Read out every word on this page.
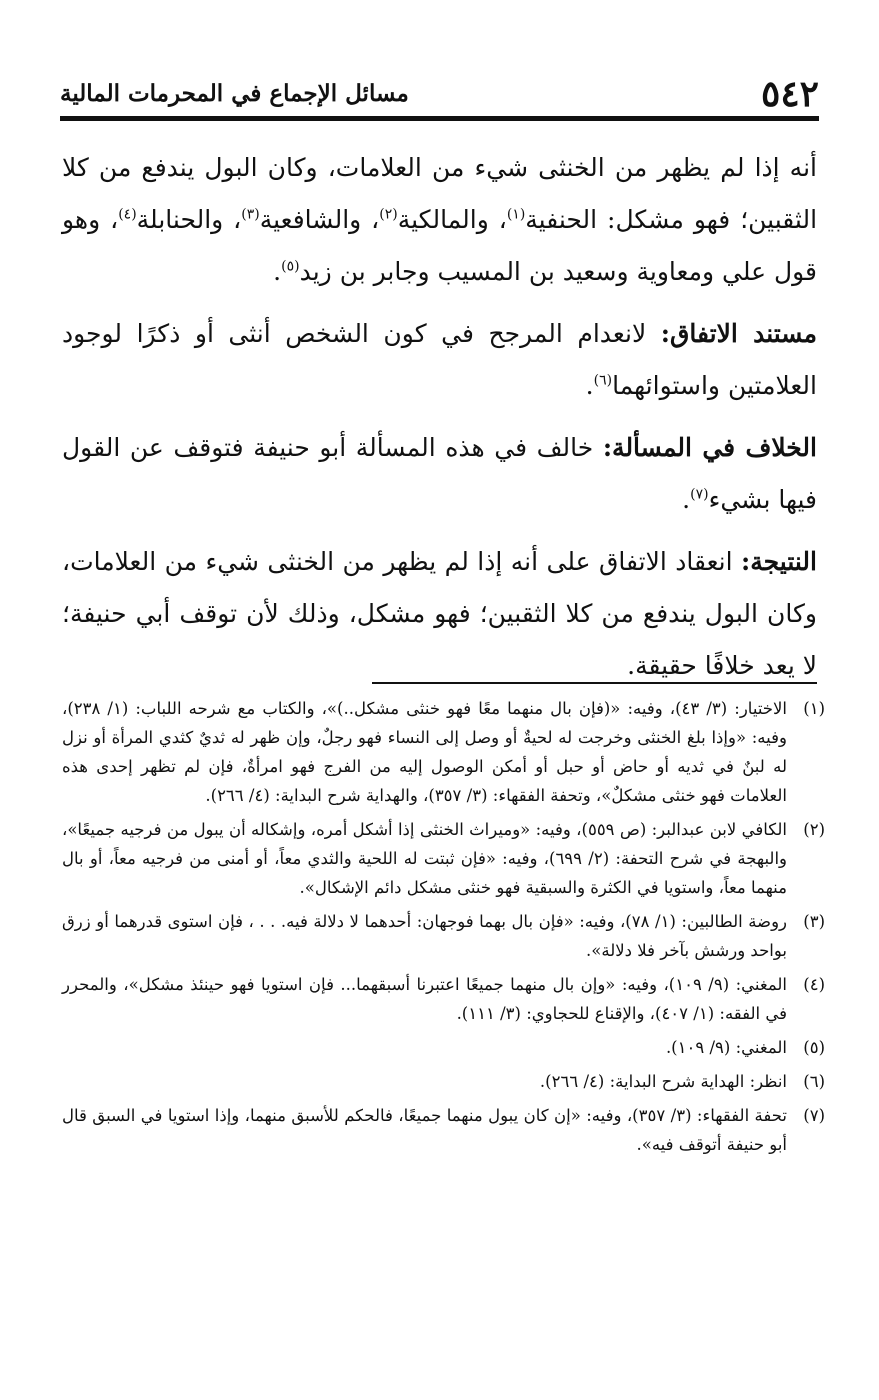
٥٤٢
مسائل الإجماع في المحرمات المالية

أنه إذا لم يظهر من الخنثى شيء من العلامات، وكان البول يندفع من كلا الثقبين؛ فهو مشكل: الحنفية$^{(١)}$، والمالكية$^{(٢)}$، والشافعية$^{(٣)}$، والحنابلة$^{(٤)}$، وهو قول علي ومعاوية وسعيد بن المسيب وجابر بن زيد$^{(٥)}$.

مستند الاتفاق: لانعدام المرجح في كون الشخص أنثى أو ذكرًا لوجود العلامتين واستوائهما$^{(٦)}$.

الخلاف في المسألة: خالف في هذه المسألة أبو حنيفة فتوقف عن القول فيها بشيء$^{(٧)}$.

النتيجة: انعقاد الاتفاق على أنه إذا لم يظهر من الخنثى شيء من العلامات، وكان البول يندفع من كلا الثقبين؛ فهو مشكل، وذلك لأن توقف أبي حنيفة؛ لا يعد خلافًا حقيقة.

(١)
الاختيار: (٣/ ٤٣)، وفيه: «(فإن بال منهما معًا فهو خنثى مشكل..)»، والكتاب مع شرحه اللباب: (١/ ٢٣٨)، وفيه: «وإذا بلغ الخنثى وخرجت له لحيةٌ أو وصل إلى النساء فهو رجلٌ، وإن ظهر له ثديٌ كثدي المرأة أو نزل له لبنٌ في ثديه أو حاض أو حبل أو أمكن الوصول إليه من الفرج فهو امرأةٌ، فإن لم تظهر إحدى هذه العلامات فهو خنثى مشكلٌ»، وتحفة الفقهاء: (٣/ ٣٥٧)، والهداية شرح البداية: (٤/ ٢٦٦).
(٢)
الكافي لابن عبدالبر: (ص ٥٥٩)، وفيه: «وميراث الخنثى إذا أشكل أمره، وإشكاله أن يبول من فرجيه جميعًا»، والبهجة في شرح التحفة: (٢/ ٦٩٩)، وفيه: «فإن ثبتت له اللحية والثدي معاً، أو أمنى من فرجيه معاً، أو بال منهما معاً، واستويا في الكثرة والسبقية فهو خنثى مشكل دائم الإشكال».
(٣)
روضة الطالبين: (١/ ٧٨)، وفيه: «فإن بال بهما فوجهان: أحدهما لا دلالة فيه. . . ، فإن استوى قدرهما أو زرق بواحد ورشش بآخر فلا دلالة».
(٤)
المغني: (٩/ ١٠٩)، وفيه: «وإن بال منهما جميعًا اعتبرنا أسبقهما... فإن استويا فهو حينئذ مشكل»، والمحرر في الفقه: (١/ ٤٠٧)، والإقناع للحجاوي: (٣/ ١١١).
(٥)
المغني: (٩/ ١٠٩).
(٦)
انظر: الهداية شرح البداية: (٤/ ٢٦٦).
(٧)
تحفة الفقهاء: (٣/ ٣٥٧)، وفيه: «إن كان يبول منهما جميعًا، فالحكم للأسبق منهما، وإذا استويا في السبق قال أبو حنيفة أتوقف فيه».
